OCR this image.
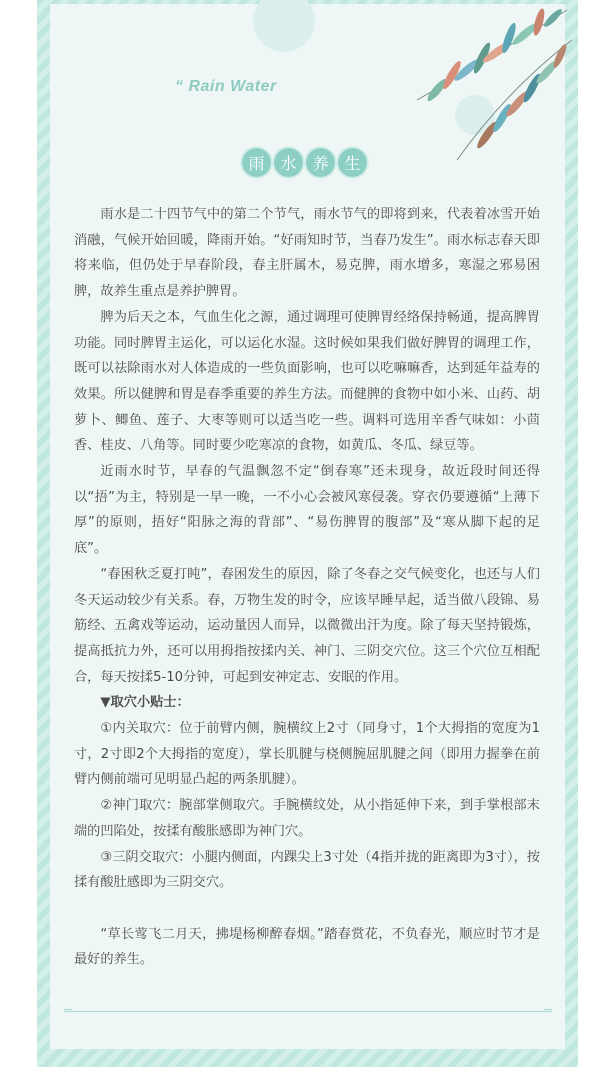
“ Rain Water
雨 水 养 生

雨水是二十四节气中的第二个节气，雨水节气的即将到来，代表着冰雪开始消融，气候开始回暖，降雨开始。“好雨知时节，当春乃发生”。雨水标志春天即将来临，但仍处于早春阶段，春主肝属木，易克脾，雨水增多，寒湿之邪易困脾，故养生重点是养护脾胃。

脾为后天之本，气血生化之源，通过调理可使脾胃经络保持畅通，提高脾胃功能。同时脾胃主运化，可以运化水湿。这时候如果我们做好脾胃的调理工作，既可以祛除雨水对人体造成的一些负面影响，也可以吃嘛嘛香，达到延年益寿的效果。所以健脾和胃是春季重要的养生方法。而健脾的食物中如小米、山药、胡萝卜、鲫鱼、莲子、大枣等则可以适当吃一些。调料可选用辛香气味如：小茴香、桂皮、八角等。同时要少吃寒凉的食物，如黄瓜、冬瓜、绿豆等。

近雨水时节，早春的气温飘忽不定“倒春寒”还未现身，故近段时间还得以“捂”为主，特别是一早一晚，一不小心会被风寒侵袭。穿衣仍要遵循“上薄下厚”的原则，捂好“阳脉之海的背部”、“易伤脾胃的腹部”及“寒从脚下起的足底”。

“春困秋乏夏打盹”，春困发生的原因，除了冬春之交气候变化，也还与人们冬天运动较少有关系。春，万物生发的时令，应该早睡早起，适当做八段锦、易筋经、五禽戏等运动，运动量因人而异，以微微出汗为度。除了每天坚持锻炼，提高抵抗力外，还可以用拇指按揉内关、神门、三阴交穴位。这三个穴位互相配合，每天按揉5-10分钟，可起到安神定志、安眠的作用。

▼取穴小贴士：

①内关取穴：位于前臂内侧，腕横纹上2寸（同身寸，1个大拇指的宽度为1寸，2寸即2个大拇指的宽度），掌长肌腱与桡侧腕屈肌腱之间（即用力握拳在前臂内侧前端可见明显凸起的两条肌腱）。

②神门取穴：腕部掌侧取穴。手腕横纹处，从小指延伸下来，到手掌根部末端的凹陷处，按揉有酸胀感即为神门穴。

③三阴交取穴：小腿内侧面，内踝尖上3寸处（4指并拢的距离即为3寸），按揉有酸肚感即为三阴交穴。

“草长莺飞二月天，拂堤杨柳醉春烟。”踏春赏花，不负春光，顺应时节才是最好的养生。

⌐	¬
